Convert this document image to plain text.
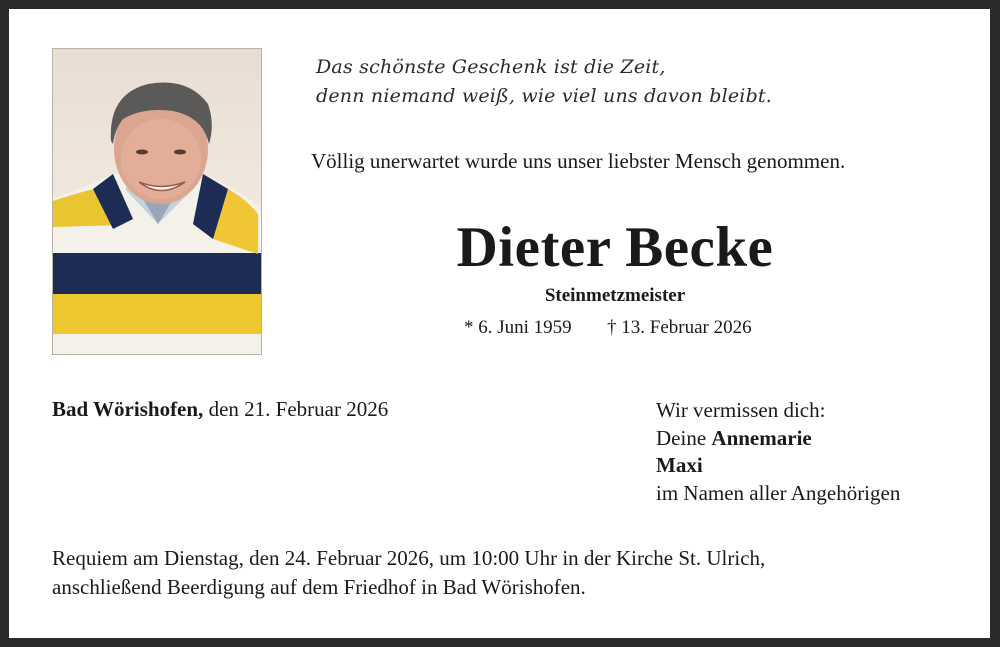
Das schönste Geschenk ist die Zeit,
denn niemand weiß, wie viel uns davon bleibt.
Völlig unerwartet wurde uns unser liebster Mensch genommen.
Dieter Becke
Steinmetzmeister
* 6. Juni 1959 † 13. Februar 2026
Bad Wörishofen, den 21. Februar 2026	Wir vermissen dich:
Deine Annemarie
Maxi
im Namen aller Angehörigen
Requiem am Dienstag, den 24. Februar 2026, um 10:00 Uhr in der Kirche St. Ulrich,
anschließend Beerdigung auf dem Friedhof in Bad Wörishofen.
